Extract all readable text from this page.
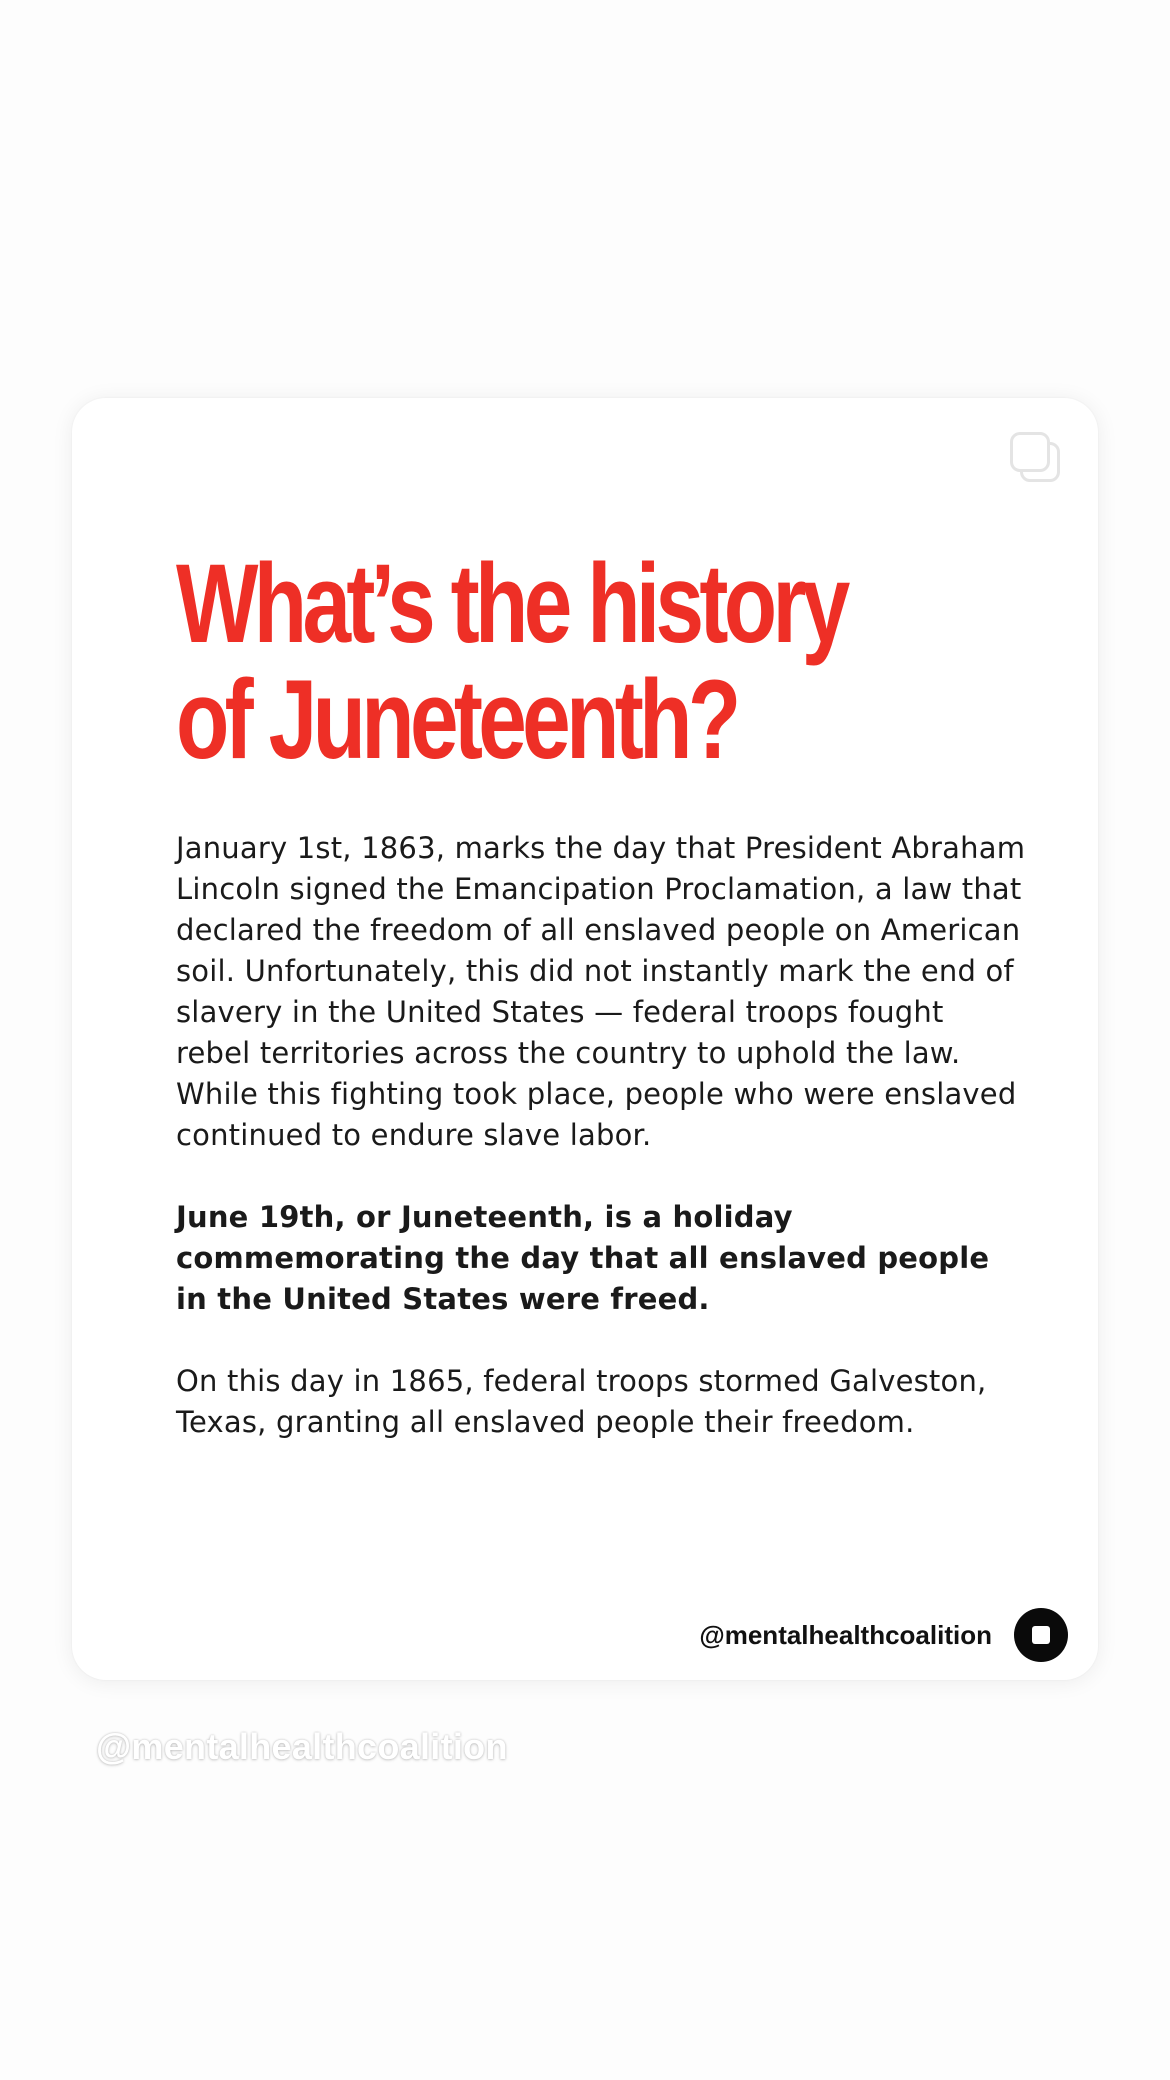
What’s the history
of Juneteenth?

January 1st, 1863, marks the day that President Abraham Lincoln signed the Emancipation Proclamation, a law that declared the freedom of all enslaved people on American soil. Unfortunately, this did not instantly mark the end of slavery in the United States — federal troops fought rebel territories across the country to uphold the law. While this fighting took place, people who were enslaved continued to endure slave labor.

June 19th, or Juneteenth, is a holiday commemorating the day that all enslaved people in the United States were freed.

On this day in 1865, federal troops stormed Galveston, Texas, granting all enslaved people their freedom.

@mentalhealthcoalition
@mentalhealthcoalition
